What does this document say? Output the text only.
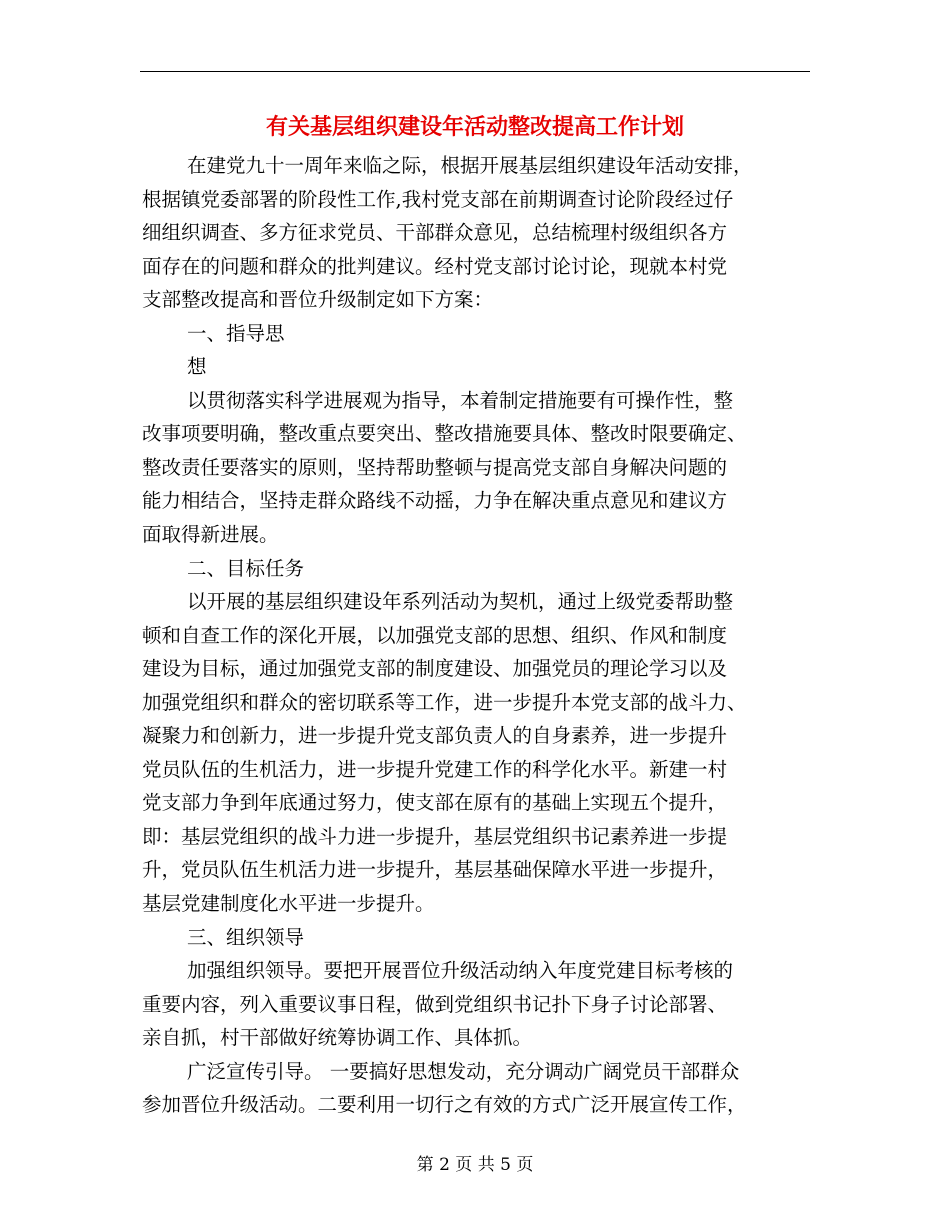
有关基层组织建设年活动整改提高工作计划
在建党九十一周年来临之际，根据开展基层组织建设年活动安排，
根据镇党委部署的阶段性工作,我村党支部在前期调查讨论阶段经过仔
细组织调查、多方征求党员、干部群众意见，总结梳理村级组织各方
面存在的问题和群众的批判建议。经村党支部讨论讨论，现就本村党
支部整改提高和晋位升级制定如下方案：
一、指导思
想
以贯彻落实科学进展观为指导，本着制定措施要有可操作性，整
改事项要明确，整改重点要突出、整改措施要具体、整改时限要确定、
整改责任要落实的原则，坚持帮助整顿与提高党支部自身解决问题的
能力相结合，坚持走群众路线不动摇，力争在解决重点意见和建议方
面取得新进展。
二、目标任务
以开展的基层组织建设年系列活动为契机，通过上级党委帮助整
顿和自查工作的深化开展，以加强党支部的思想、组织、作风和制度
建设为目标，通过加强党支部的制度建设、加强党员的理论学习以及
加强党组织和群众的密切联系等工作，进一步提升本党支部的战斗力、
凝聚力和创新力，进一步提升党支部负责人的自身素养，进一步提升
党员队伍的生机活力，进一步提升党建工作的科学化水平。新建一村
党支部力争到年底通过努力，使支部在原有的基础上实现五个提升，
即：基层党组织的战斗力进一步提升，基层党组织书记素养进一步提
升，党员队伍生机活力进一步提升，基层基础保障水平进一步提升，
基层党建制度化水平进一步提升。
三、组织领导
加强组织领导。要把开展晋位升级活动纳入年度党建目标考核的
重要内容，列入重要议事日程，做到党组织书记扑下身子讨论部署、
亲自抓，村干部做好统筹协调工作、具体抓。
广泛宣传引导。 一要搞好思想发动，充分调动广阔党员干部群众
参加晋位升级活动。二要利用一切行之有效的方式广泛开展宣传工作，
第 2 页 共 5 页
